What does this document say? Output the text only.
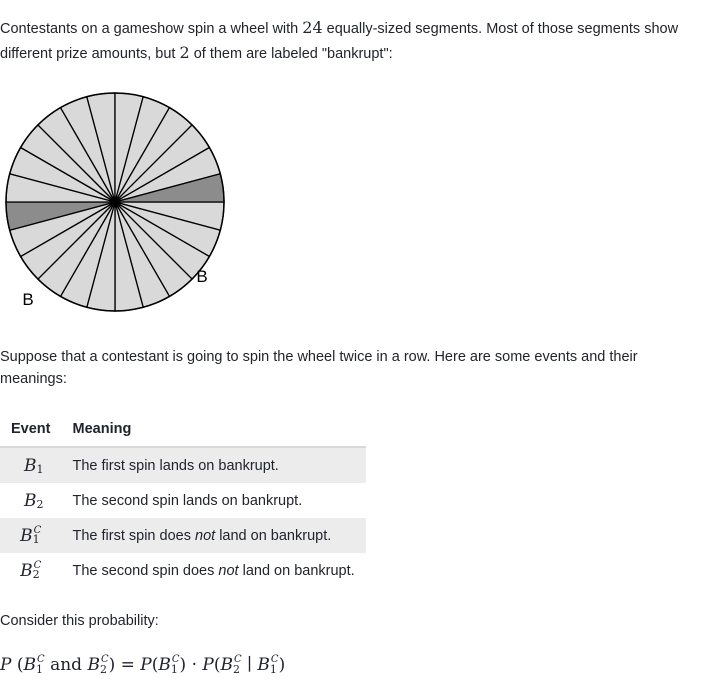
Contestants on a gameshow spin a wheel with 24 equally-sized segments. Most of those segments show different prize amounts, but 2 of them are labeled "bankrupt":

B
B

Suppose that a contestant is going to spin the wheel twice in a row. Here are some events and their meanings:

Event	Meaning
$B_1$	The first spin lands on bankrupt.
$B_2$	The second spin lands on bankrupt.
$B_1^C$	The first spin does not land on bankrupt.
$B_2^C$	The second spin does not land on bankrupt.

Consider this probability:

P ($B_1^C$ and $B_2^C) = P(B_1^C) \cdot P(B_2^C$ ∣ $B_1^C$)
